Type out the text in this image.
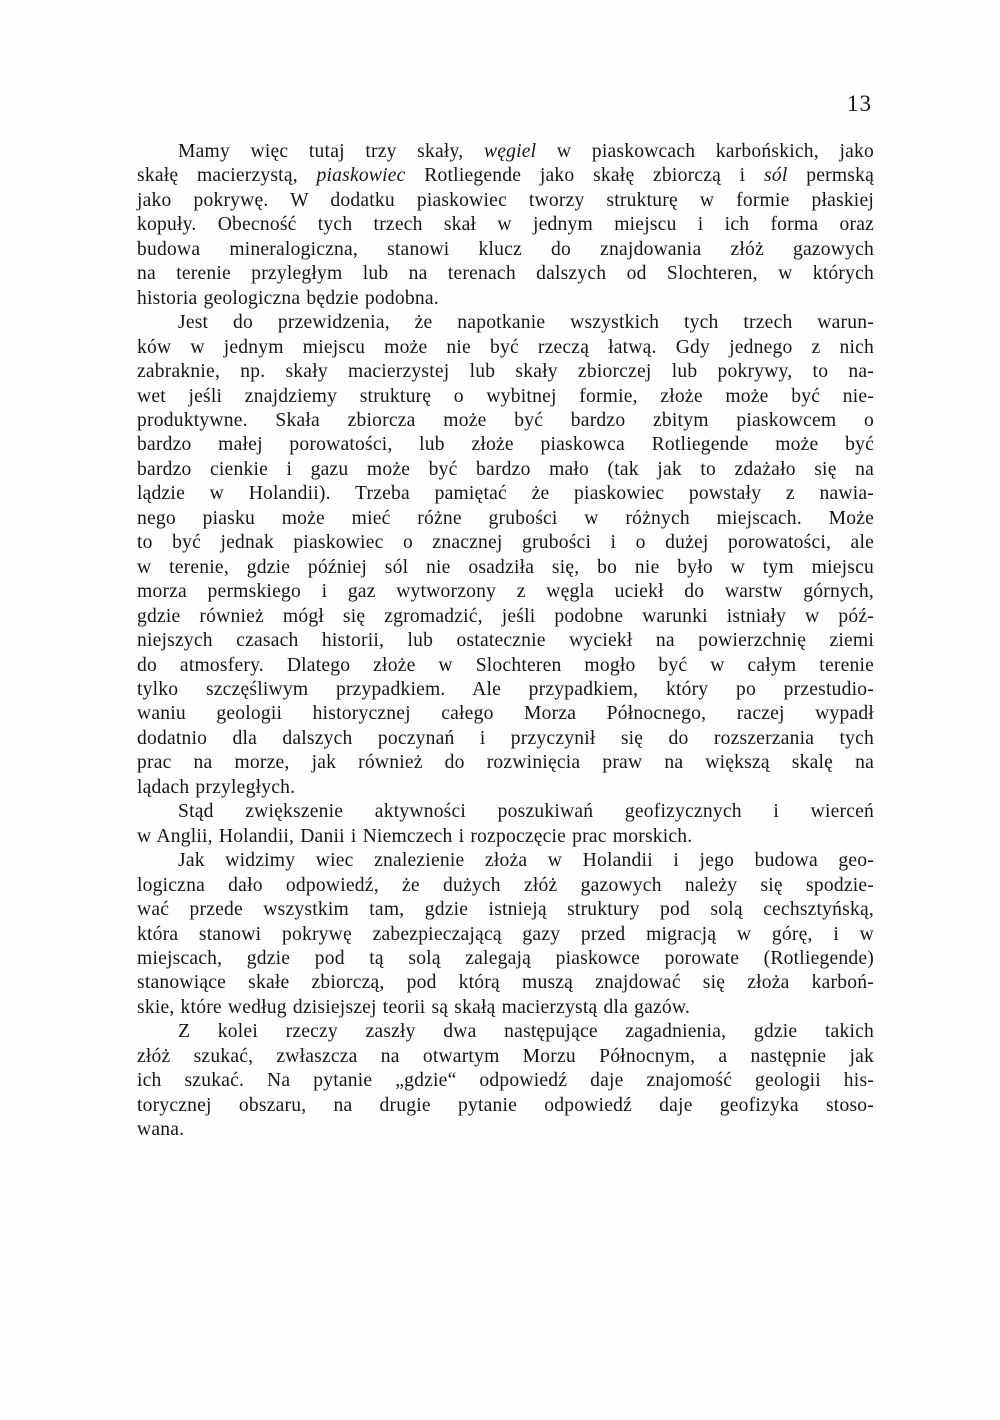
13
Mamy więc tutaj trzy skały, węgiel w piaskowcach karbońskich, jako
skałę macierzystą, piaskowiec Rotliegende jako skałę zbiorczą i sól permską
jako pokrywę. W dodatku piaskowiec tworzy strukturę w formie płaskiej
kopuły. Obecność tych trzech skał w jednym miejscu i ich forma oraz
budowa mineralogiczna, stanowi klucz do znajdowania złóż gazowych
na terenie przyległym lub na terenach dalszych od Slochteren, w których
historia geologiczna będzie podobna.
Jest do przewidzenia, że napotkanie wszystkich tych trzech warun-
ków w jednym miejscu może nie być rzeczą łatwą. Gdy jednego z nich
zabraknie, np. skały macierzystej lub skały zbiorczej lub pokrywy, to na-
wet jeśli znajdziemy strukturę o wybitnej formie, złoże może być nie-
produktywne. Skała zbiorcza może być bardzo zbitym piaskowcem o
bardzo małej porowatości, lub złoże piaskowca Rotliegende może być
bardzo cienkie i gazu może być bardzo mało (tak jak to zdażało się na
lądzie w Holandii). Trzeba pamiętać że piaskowiec powstały z nawia-
nego piasku może mieć różne grubości w różnych miejscach. Może
to być jednak piaskowiec o znacznej grubości i o dużej porowatości, ale
w terenie, gdzie później sól nie osadziła się, bo nie było w tym miejscu
morza permskiego i gaz wytworzony z węgla uciekł do warstw górnych,
gdzie również mógł się zgromadzić, jeśli podobne warunki istniały w póź-
niejszych czasach historii, lub ostatecznie wyciekł na powierzchnię ziemi
do atmosfery. Dlatego złoże w Slochteren mogło być w całym terenie
tylko szczęśliwym przypadkiem. Ale przypadkiem, który po przestudio-
waniu geologii historycznej całego Morza Północnego, raczej wypadł
dodatnio dla dalszych poczynań i przyczynił się do rozszerzania tych
prac na morze, jak również do rozwinięcia praw na większą skalę na
lądach przyległych.
Stąd zwiększenie aktywności poszukiwań geofizycznych i wierceń
w Anglii, Holandii, Danii i Niemczech i rozpoczęcie prac morskich.
Jak widzimy wiec znalezienie złoża w Holandii i jego budowa geo-
logiczna dało odpowiedź, że dużych złóż gazowych należy się spodzie-
wać przede wszystkim tam, gdzie istnieją struktury pod solą cechsztyńską,
która stanowi pokrywę zabezpieczającą gazy przed migracją w górę, i w
miejscach, gdzie pod tą solą zalegają piaskowce porowate (Rotliegende)
stanowiące skałe zbiorczą, pod którą muszą znajdować się złoża karboń-
skie, które według dzisiejszej teorii są skałą macierzystą dla gazów.
Z kolei rzeczy zaszły dwa następujące zagadnienia, gdzie takich
złóż szukać, zwłaszcza na otwartym Morzu Północnym, a następnie jak
ich szukać. Na pytanie „gdzie“ odpowiedź daje znajomość geologii his-
torycznej obszaru, na drugie pytanie odpowiedź daje geofizyka stoso-
wana.
